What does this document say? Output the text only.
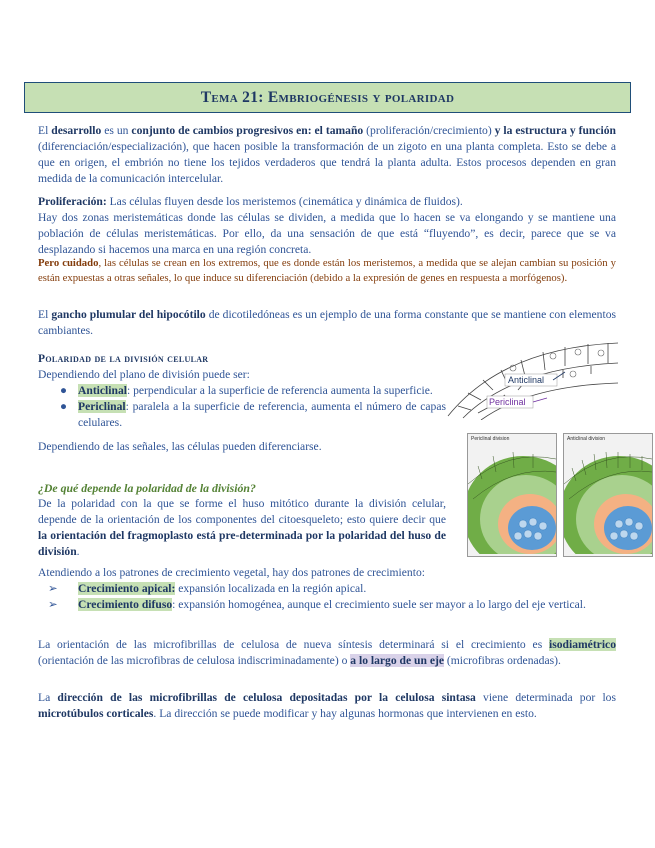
Tema 21: Embriogénesis y polaridad

El desarrollo es un conjunto de cambios progresivos en: el tamaño (proliferación/crecimiento) y la estructura y función (diferenciación/especialización), que hacen posible la transformación de un zigoto en una planta completa. Esto se debe a que en origen, el embrión no tiene los tejidos verdaderos que tendrá la planta adulta. Estos procesos dependen en gran medida de la comunicación intercelular.

Proliferación: Las células fluyen desde los meristemos (cinemática y dinámica de fluidos).

Hay dos zonas meristemáticas donde las células se dividen, a medida que lo hacen se va elongando y se mantiene una población de células meristemáticas. Por ello, da una sensación de que está “fluyendo”, es decir, parece que se va desplazando si hacemos una marca en una región concreta.

Pero cuidado, las células se crean en los extremos, que es donde están los meristemos, a medida que se alejan cambian su posición y están expuestas a otras señales, lo que induce su diferenciación (debido a la expresión de genes en respuesta a morfógenos).

El gancho plumular del hipocótilo de dicotiledóneas es un ejemplo de una forma constante que se mantiene con elementos cambiantes.

Polaridad de la división celular

Dependiendo del plano de división puede ser:

● Anticlinal: perpendicular a la superficie de referencia aumenta la superficie.
● Periclinal: paralela a la superficie de referencia, aumenta el número de capas celulares.

Dependiendo de las señales, las células pueden diferenciarse.

¿De qué depende la polaridad de la división?

De la polaridad con la que se forme el huso mitótico durante la división celular, depende de la orientación de los componentes del citoesqueleto; esto quiere decir que la orientación del fragmoplasto está pre-determinada por la polaridad del huso de división.

Atendiendo a los patrones de crecimiento vegetal, hay dos patrones de crecimiento:

➢ Crecimiento apical: expansión localizada en la región apical.
➢ Crecimiento difuso: expansión homogénea, aunque el crecimiento suele ser mayor a lo largo del eje vertical.

La orientación de las microfibrillas de celulosa de nueva síntesis determinará si el crecimiento es isodiamétrico (orientación de las microfibras de celulosa indiscriminadamente) o a lo largo de un eje (microfibras ordenadas).

La dirección de las microfibrillas de celulosa depositadas por la celulosa sintasa viene determinada por los microtúbulos corticales. La dirección se puede modificar y hay algunas hormonas que intervienen en esto.

Anticlinal
Periclinal
Periclinal division	Anticlinal division
